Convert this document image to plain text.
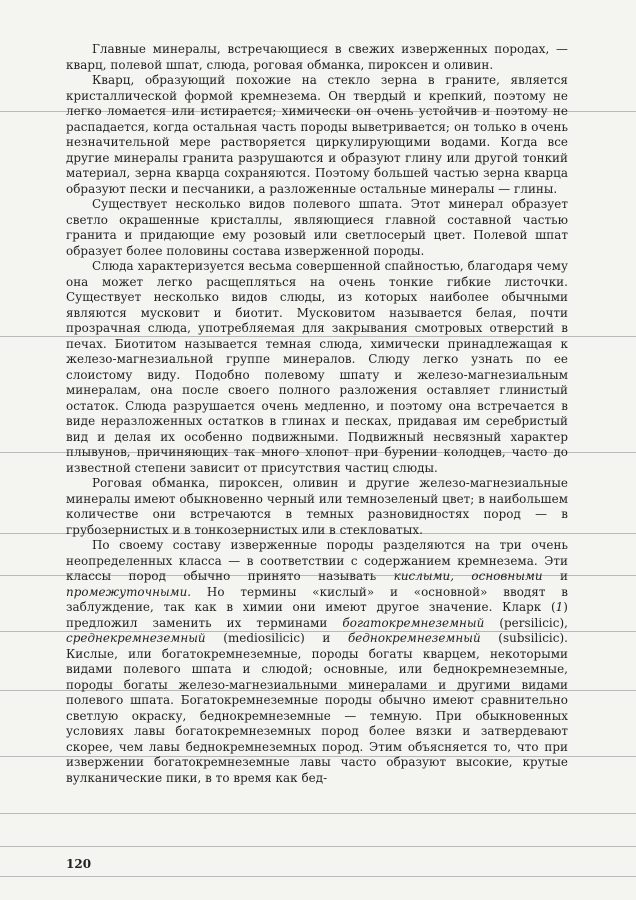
Главные минералы, встречающиеся в свежих изверженных породах, — кварц, полевой шпат, слюда, роговая обманка, пироксен и оливин.

Кварц, образующий похожие на стекло зерна в граните, является кристаллической формой кремнезема. Он твердый и крепкий, поэтому не легко ломается или истирается; химически он очень устойчив и поэтому не распадается, когда остальная часть породы выветривается; он только в очень незначительной мере растворяется циркулирующими водами. Когда все другие минералы гранита разрушаются и образуют глину или другой тонкий материал, зерна кварца сохраняются. Поэтому большей частью зерна кварца образуют пески и песчаники, а разложенные остальные минералы — глины.

Существует несколько видов полевого шпата. Этот минерал образует светло окрашенные кристаллы, являющиеся главной составной частью гранита и придающие ему розовый или светлосерый цвет. Полевой шпат образует более половины состава изверженной породы.

Слюда характеризуется весьма совершенной спайностью, благодаря чему она может легко расщепляться на очень тонкие гибкие листочки. Существует несколько видов слюды, из которых наиболее обычными являются мусковит и биотит. Мусковитом называется белая, почти прозрачная слюда, употребляемая для закрывания смотровых отверстий в печах. Биотитом называется темная слюда, химически принадлежащая к железо-магнезиальной группе минералов. Слюду легко узнать по ее слоистому виду. Подобно полевому шпату и железо-магнезиальным минералам, она после своего полного разложения оставляет глинистый остаток. Слюда разрушается очень медленно, и поэтому она встречается в виде неразложенных остатков в глинах и песках, придавая им серебристый вид и делая их особенно подвижными. Подвижный несвязный характер плывунов, причиняющих так много хлопот при бурении колодцев, часто до известной степени зависит от присутствия частиц слюды.

Роговая обманка, пироксен, оливин и другие железо-магнезиальные минералы имеют обыкновенно черный или темнозеленый цвет; в наибольшем количестве они встречаются в темных разновидностях пород — в грубозернистых и в тонкозернистых или в стекловатых.

По своему составу изверженные породы разделяются на три очень неопределенных класса — в соответствии с содержанием кремнезема. Эти классы пород обычно принято называть кислыми, основными и промежуточными. Но термины «кислый» и «основной» вводят в заблуждение, так как в химии они имеют другое значение. Кларк (1) предложил заменить их терминами богатокремнеземный (persilicic), среднекремнеземный (mediosilicic) и беднокремнеземный (subsilicic). Кислые, или богатокремнеземные, породы богаты кварцем, некоторыми видами полевого шпата и слюдой; основные, или беднокремнеземные, породы богаты железо-магнезиальными минералами и другими видами полевого шпата. Богатокремнеземные породы обычно имеют сравнительно светлую окраску, беднокремнеземные — темную. При обыкновенных условиях лавы богатокремнеземных пород более вязки и затвердевают скорее, чем лавы беднокремнеземных пород. Этим объясняется то, что при извержении богатокремнеземные лавы часто образуют высокие, крутые вулканические пики, в то время как бед-

120
